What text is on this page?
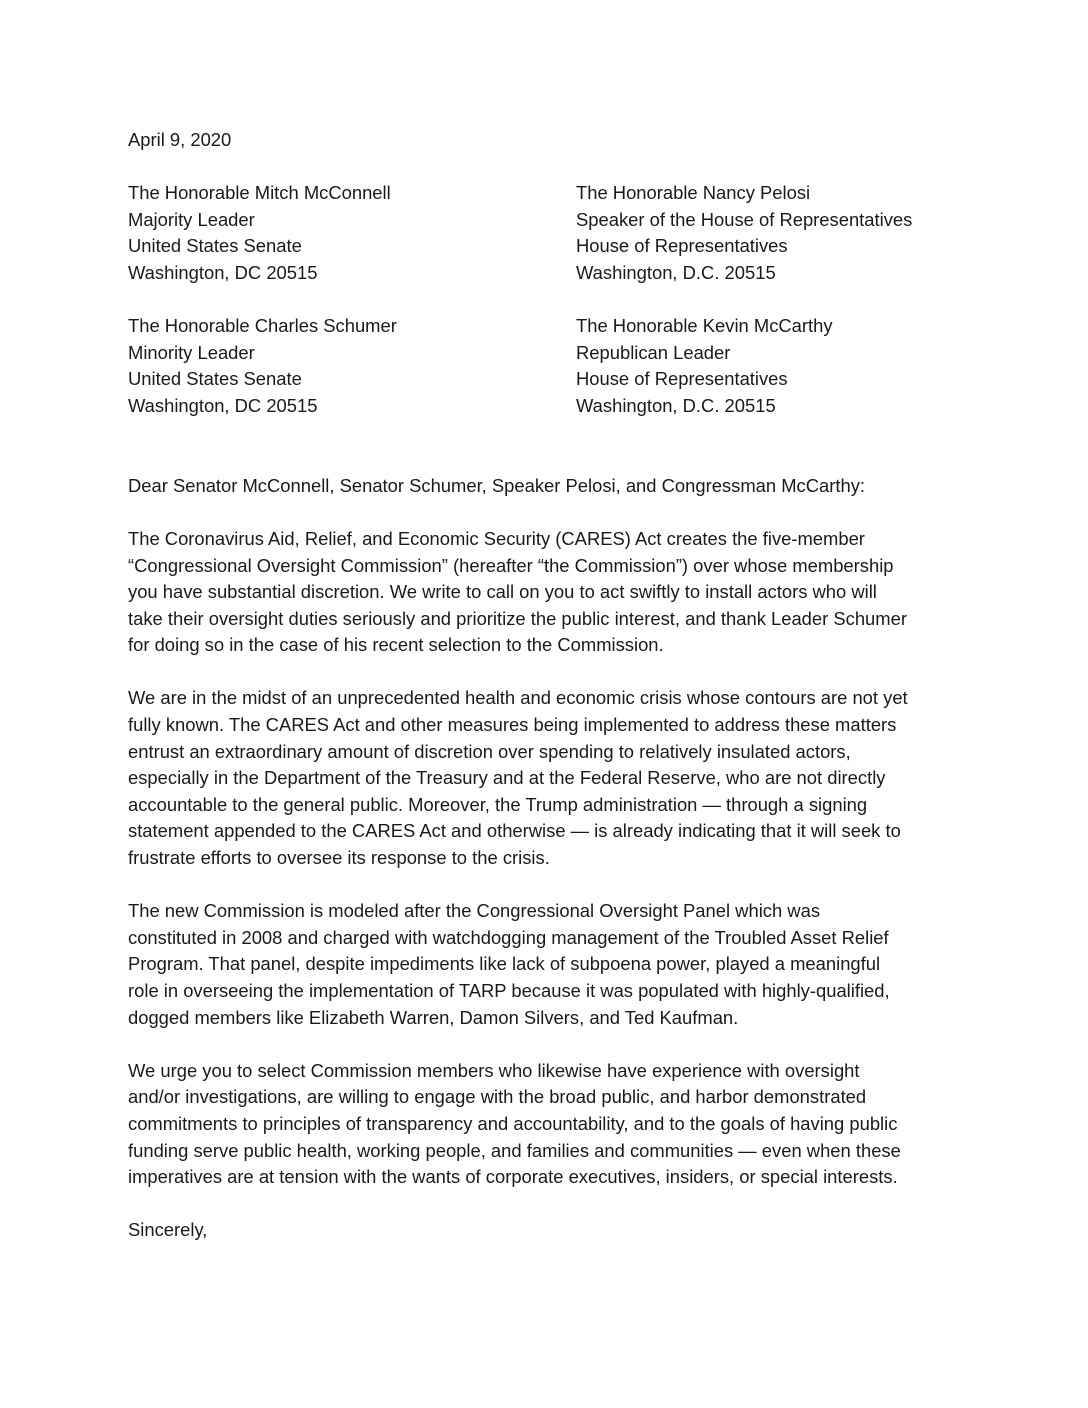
April 9, 2020

The Honorable Mitch McConnell
Majority Leader
United States Senate
Washington, DC 20515
The Honorable Nancy Pelosi
Speaker of the House of Representatives
House of Representatives
Washington, D.C. 20515
The Honorable Charles Schumer
Minority Leader
United States Senate
Washington, DC 20515
The Honorable Kevin McCarthy
Republican Leader
House of Representatives
Washington, D.C. 20515

Dear Senator McConnell, Senator Schumer, Speaker Pelosi, and Congressman McCarthy:

The Coronavirus Aid, Relief, and Economic Security (CARES) Act creates the five-member
“Congressional Oversight Commission” (hereafter “the Commission”) over whose membership
you have substantial discretion. We write to call on you to act swiftly to install actors who will
take their oversight duties seriously and prioritize the public interest, and thank Leader Schumer
for doing so in the case of his recent selection to the Commission.

We are in the midst of an unprecedented health and economic crisis whose contours are not yet
fully known. The CARES Act and other measures being implemented to address these matters
entrust an extraordinary amount of discretion over spending to relatively insulated actors,
especially in the Department of the Treasury and at the Federal Reserve, who are not directly
accountable to the general public. Moreover, the Trump administration — through a signing
statement appended to the CARES Act and otherwise — is already indicating that it will seek to
frustrate efforts to oversee its response to the crisis.

The new Commission is modeled after the Congressional Oversight Panel which was
constituted in 2008 and charged with watchdogging management of the Troubled Asset Relief
Program. That panel, despite impediments like lack of subpoena power, played a meaningful
role in overseeing the implementation of TARP because it was populated with highly-qualified,
dogged members like Elizabeth Warren, Damon Silvers, and Ted Kaufman.

We urge you to select Commission members who likewise have experience with oversight
and/or investigations, are willing to engage with the broad public, and harbor demonstrated
commitments to principles of transparency and accountability, and to the goals of having public
funding serve public health, working people, and families and communities — even when these
imperatives are at tension with the wants of corporate executives, insiders, or special interests.

Sincerely,
